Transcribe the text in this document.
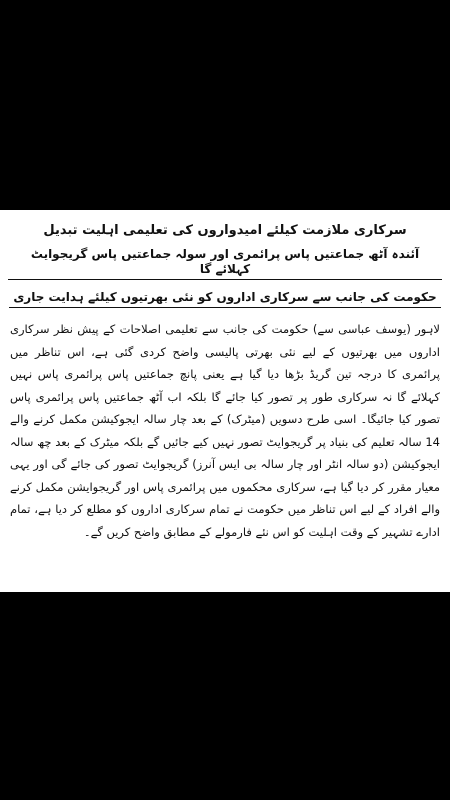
سرکاری ملازمت کیلئے امیدواروں کی تعلیمی اہلیت تبدیل
آئندہ آٹھ جماعتیں پاس پرائمری اور سولہ جماعتیں پاس گریجوایٹ کہلائے گا
حکومت کی جانب سے سرکاری اداروں کو نئی بھرتیوں کیلئے ہدایت جاری
لاہور (یوسف عباسی سے) حکومت کی جانب سے تعلیمی اصلاحات کے پیش نظر سرکاری اداروں میں بھرتیوں کے لیے نئی بھرتی پالیسی واضح کردی گئی ہے، اس تناظر میں پرائمری کا درجہ تین گریڈ بڑھا دیا گیا ہے یعنی پانچ جماعتیں پاس پرائمری پاس نہیں کہلائے گا نہ سرکاری طور پر تصور کیا جائے گا بلکہ اب آٹھ جماعتیں پاس پرائمری پاس تصور کیا جائیگا۔ اسی طرح دسویں (میٹرک) کے بعد چار سالہ ایجوکیشن مکمل کرنے والے 14 سالہ تعلیم کی بنیاد پر گریجوایٹ تصور نہیں کیے جائیں گے بلکہ میٹرک کے بعد چھ سالہ ایجوکیشن (دو سالہ انٹر اور چار سالہ بی ایس آنرز) گریجوایٹ تصور کی جائے گی اور یہی معیار مقرر کر دیا گیا ہے، سرکاری محکموں میں پرائمری پاس اور گریجوایشن مکمل کرنے والے افراد کے لیے اس تناظر میں حکومت نے تمام سرکاری اداروں کو مطلع کر دیا ہے، تمام ادارے تشہیر کے وقت اہلیت کو اس نئے فارمولے کے مطابق واضح کریں گے۔
